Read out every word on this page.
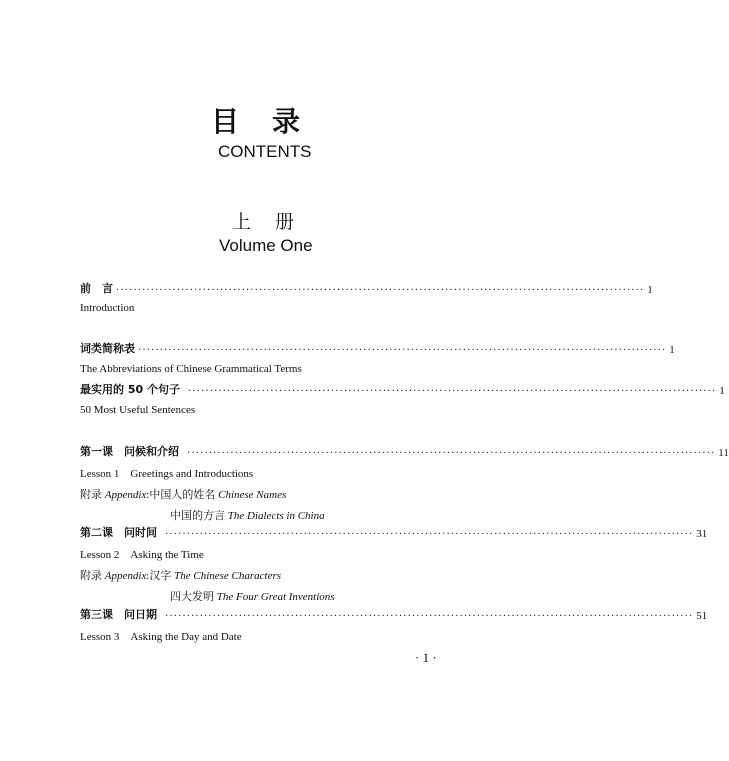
目 录
CONTENTS
上 册
Volume One
前　言 ·························································································································· 1
Introduction
词类简称表 ·························································································································· 1
The Abbreviations of Chinese Grammatical Terms
最实用的 50 个句子 ·························································································································· 1
50 Most Useful Sentences
第一课　问候和介绍 ·························································································································· 11
Lesson 1　Greetings and Introductions
附录 Appendix:中国人的姓名 Chinese Names
中国的方言 The Dialects in China
第二课　问时间 ·························································································································· 31
Lesson 2　Asking the Time
附录 Appendix:汉字 The Chinese Characters
四大发明 The Four Great Inventions
第三课　问日期 ·························································································································· 51
Lesson 3　Asking the Day and Date
· 1 ·
